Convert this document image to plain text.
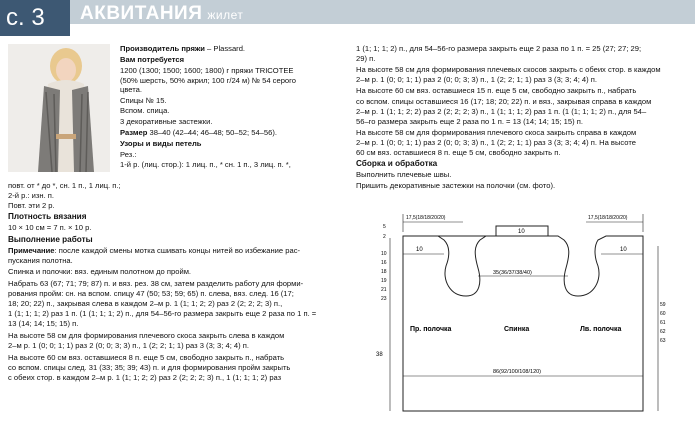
с. 3	АКВИТАНИЯ жилет
Производитель пряжи – Plassard.
Вам потребуется
1200 (1300; 1500; 1600; 1800) г пряжи TRICOTEE
(50% шерсть, 50% акрил; 100 г/24 м) № 54 серого
цвета.
Спицы № 15.
Вспом. спица.
3 декоративные застежки.
Размер 38–40 (42–44; 46–48; 50–52; 54–56).
Узоры и виды петель
Рез.:
1-й р. (лиц. стор.): 1 лиц. п., * сн. 1 п., 3 лиц. п. *,
повт. от * до *, сн. 1 п., 1 лиц. п.;
2-й р.: изн. п.
Повт. эти 2 р.
Плотность вязания
10 × 10 см = 7 п. × 10 р.
Выполнение работы
Примечание: после каждой смены мотка сшивать концы нитей во избежание рас-
пускания полотна.
Спинка и полочки: вяз. единым полотном до пройм.
Набрать 63 (67; 71; 79; 87) п. и вяз. рез. 38 см, затем разделить работу для форми-
рования пройм: сн. на вспом. спицу 47 (50; 53; 59; 65) п. слева, вяз. след. 16 (17;
18; 20; 22) п., закрывая слева в каждом 2–м р. 1 (1; 1; 2; 2) раз 2 (2; 2; 2; 3) п.,
1 (1; 1; 1; 2) раз 1 п. (1 (1; 1; 1; 2) п., для 54–56-го размера закрыть еще 2 раза по 1 п. =
13 (14; 14; 15; 15) п.
На высоте 58 см для формирования плечевого скоса закрыть слева в каждом
2–м р. 1 (0; 0; 1; 1) раз 2 (0; 0; 3; 3) п., 1 (2; 2; 1; 1) раз 3 (3; 3; 4; 4) п.
На высоте 60 см вяз. оставшиеся 8 п. еще 5 см, свободно закрыть п., набрать
со вспом. спицы след. 31 (33; 35; 39; 43) п. и для формирования пройм закрыть
с обеих стор. в каждом 2–м р. 1 (1; 1; 2; 2) раз 2 (2; 2; 2; 3) п., 1 (1; 1; 1; 2) раз
1 (1; 1; 1; 2) п., для 54–56-го размера закрыть еще 2 раза по 1 п. = 25 (27; 27; 29;
29) п.
На высоте 58 см для формирования плечевых скосов закрыть с обеих стор. в каждом
2–м р. 1 (0; 0; 1; 1) раз 2 (0; 0; 3; 3) п., 1 (2; 2; 1; 1) раз 3 (3; 3; 4; 4) п.
На высоте 60 см вяз. оставшиеся 15 п. еще 5 см, свободно закрыть п., набрать
со вспом. спицы оставшиеся 16 (17; 18; 20; 22) п. и вяз., закрывая справа в каждом
2–м р. 1 (1; 1; 2; 2) раз 2 (2; 2; 2; 3) п., 1 (1; 1; 1; 2) раз 1 п. (1 (1; 1; 1; 2) п., для 54–
56–го размера закрыть еще 2 раза по 1 п. = 13 (14; 14; 15; 15) п.
На высоте 58 см для формирования плечевого скоса закрыть справа в каждом
2–м р. 1 (0; 0; 1; 1) раз 2 (0; 0; 3; 3) п., 1 (2; 2; 1; 1) раз 3 (3; 3; 4; 4) п. На высоте
60 см вяз. оставшиеся 8 п. еще 5 см, свободно закрыть п.
Сборка и обработка
Выполнить плечевые швы.
Пришить декоративные застежки на полочки (см. фото).
17,5(18/18/20/20)	17,5(18/18/20/20)
10
10	10
35(36/37/38/40)
86(92/100/108/120)
5
2
10
16
18
19
21
23
59
60
61
62
63
38
Пр. полочка	Спинка	Лв. полочка
